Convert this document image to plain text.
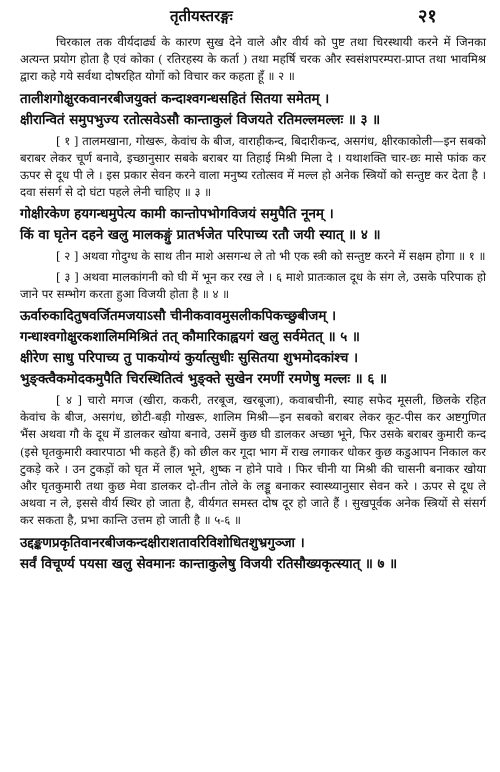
तृतीयस्तरङ्गः	२१

चिरकाल तक वीर्यदार्ढ्य के कारण सुख देने वाले और वीर्य को पुष्ट तथा चिरस्थायी करने में जिनका अत्यन्त प्रयोग होता है एवं कोका ( रतिरहस्य के कर्ता ) तथा महर्षि चरक और स्वसंशपरम्परा-प्राप्त तथा भावमिश्र द्वारा कहे गये सर्वथा दोषरहित योगों को विचार कर कहता हूँ ॥ २ ॥

तालीशगोक्षुरकवानरबीजयुक्तं कन्दाश्वगन्धसहितं सितया समेतम् ।

क्षीरान्वितं समुपभुज्य रतोत्सवेऽसौ कान्ताकुलं विजयते रतिमल्लमल्लः ॥ ३ ॥

[ १ ] तालमखाना, गोखरू, केवांच के बीज, वाराहीकन्द, बिदारीकन्द, असगंध, क्षीरकाकोली—इन सबको बराबर लेकर चूर्ण बनावे, इच्छानुसार सबके बराबर या तिहाई मिश्री मिला दे । यथाशक्ति चार-छः मासे फांक कर ऊपर से दूध पी ले । इस प्रकार सेवन करने वाला मनुष्य रतोत्सव में मल्ल हो अनेक स्त्रियों को सन्तुष्ट कर देता है । दवा संसर्ग से दो घंटा पहले लेनी चाहिए ॥ ३ ॥

गोक्षीरकेण हयगन्धमुपेत्य कामी कान्तोपभोगविजयं समुपैति नूनम् ।

किं वा घृतेन दहने खलु मालकङ्गुं प्रातर्भजेत परिपाच्य रतौ जयी स्यात् ॥ ४ ॥

[ २ ] अथवा गोदुग्ध के साथ तीन माशे असगन्ध ले तो भी एक स्त्री को सन्तुष्ट करने में सक्षम होगा ॥ १ ॥

[ ३ ] अथवा मालकांगनी को घी में भून कर रख ले । ६ माशे प्रातःकाल दूध के संग ले, उसके परिपाक हो जाने पर सम्भोग करता हुआ विजयी होता है ॥ ४ ॥

ऊर्वारुकादितुषवर्जितमजयाऽसौ चीनीकवावमुसलीकपिकच्छुबीजम् ।

गन्धाश्वगोक्षुरकशालिममिश्रितं तत् कौमारिकाह्वयगं खलु सर्वमेतत् ॥ ५ ॥

क्षीरेण साधु परिपाच्य तु पाकयोग्यं कुर्यात्सुधीः सुसितया शुभमोदकांश्च ।

भुङ्क्त्वैकमोदकमुपैति चिरस्थितित्वं भुङ्क्ते सुखेन रमणीं रमणेषु मल्लः ॥ ६ ॥

[ ४ ] चारो मगज (खीरा, ककरी, तरबूज, खरबूजा), कवाबचीनी, स्याह सफेद मूसली, छिलके रहित केवांच के बीज, असगंध, छोटी-बड़ी गोखरू, शालिम मिश्री—इन सबको बराबर लेकर कूट-पीस कर अष्टगुणित भैंस अथवा गौ के दूध में डालकर खोया बनावे, उसमें कुछ घी डालकर अच्छा भूने, फिर उसके बराबर कुमारी कन्द (इसे घृतकुमारी क्वारपाठा भी कहते हैं) को छील कर गूदा भाग में राख लगाकर धोकर कुछ कडुआपन निकाल कर टुकड़े करे । उन टुकड़ों को घृत में लाल भूने, शुष्क न होने पावे । फिर चीनी या मिश्री की चासनी बनाकर खोया और घृतकुमारी तथा कुछ मेवा डालकर दो-तीन तोले के लड्डू बनाकर स्वास्थ्यानुसार सेवन करे । ऊपर से दूध ले अथवा न ले, इससे वीर्य स्थिर हो जाता है, वीर्यगत समस्त दोष दूर हो जाते हैं । सुखपूर्वक अनेक स्त्रियों से संसर्ग कर सकता है, प्रभा कान्ति उत्तम हो जाती है ॥ ५-६ ॥

उद्दङ्कणप्रकृतिवानरबीजकन्दक्षीराशतावरिविशोधितशुभ्रगुञ्जा ।

सर्वं विचूर्ण्य पयसा खलु सेवमानः कान्ताकुलेषु विजयी रतिसौख्यकृत्स्यात् ॥ ७ ॥
